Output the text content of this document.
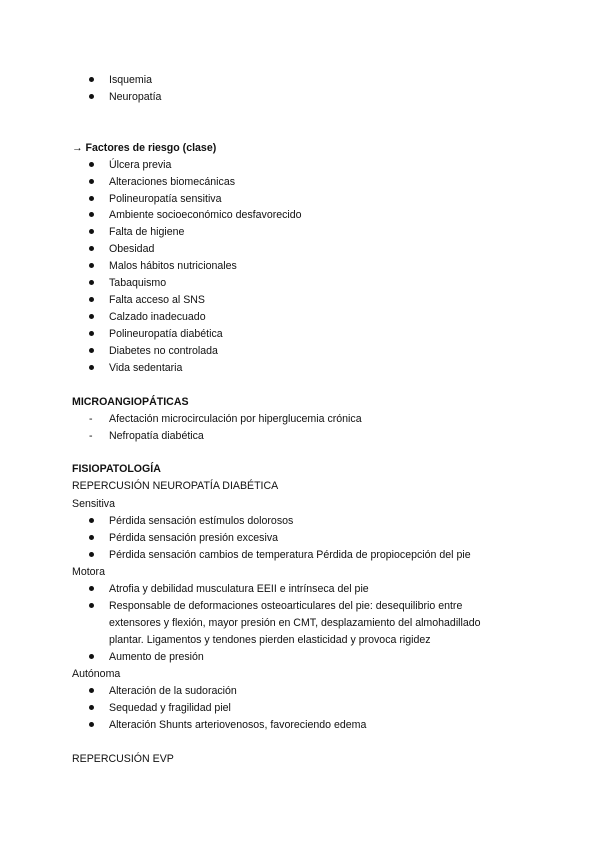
Isquemia
Neuropatía
→ Factores de riesgo (clase)
Úlcera previa
Alteraciones biomecánicas
Polineuropatía sensitiva
Ambiente socioeconómico desfavorecido
Falta de higiene
Obesidad
Malos hábitos nutricionales
Tabaquismo
Falta acceso al SNS
Calzado inadecuado
Polineuropatía diabética
Diabetes no controlada
Vida sedentaria
MICROANGIOPÁTICAS
- Afectación microcirculación por hiperglucemia crónica
- Nefropatía diabética
FISIOPATOLOGÍA
REPERCUSIÓN NEUROPATÍA DIABÉTICA
Sensitiva
Pérdida sensación estímulos dolorosos
Pérdida sensación presión excesiva
Pérdida sensación cambios de temperatura Pérdida de propiocepción del pie
Motora
Atrofia y debilidad musculatura EEII e intrínseca del pie
Responsable de deformaciones osteoarticulares del pie: desequilibrio entre
extensores y flexión, mayor presión en CMT, desplazamiento del almohadillado
plantar. Ligamentos y tendones pierden elasticidad y provoca rigidez
Aumento de presión
Autónoma
Alteración de la sudoración
Sequedad y fragilidad piel
Alteración Shunts arteriovenosos, favoreciendo edema
REPERCUSIÓN EVP
